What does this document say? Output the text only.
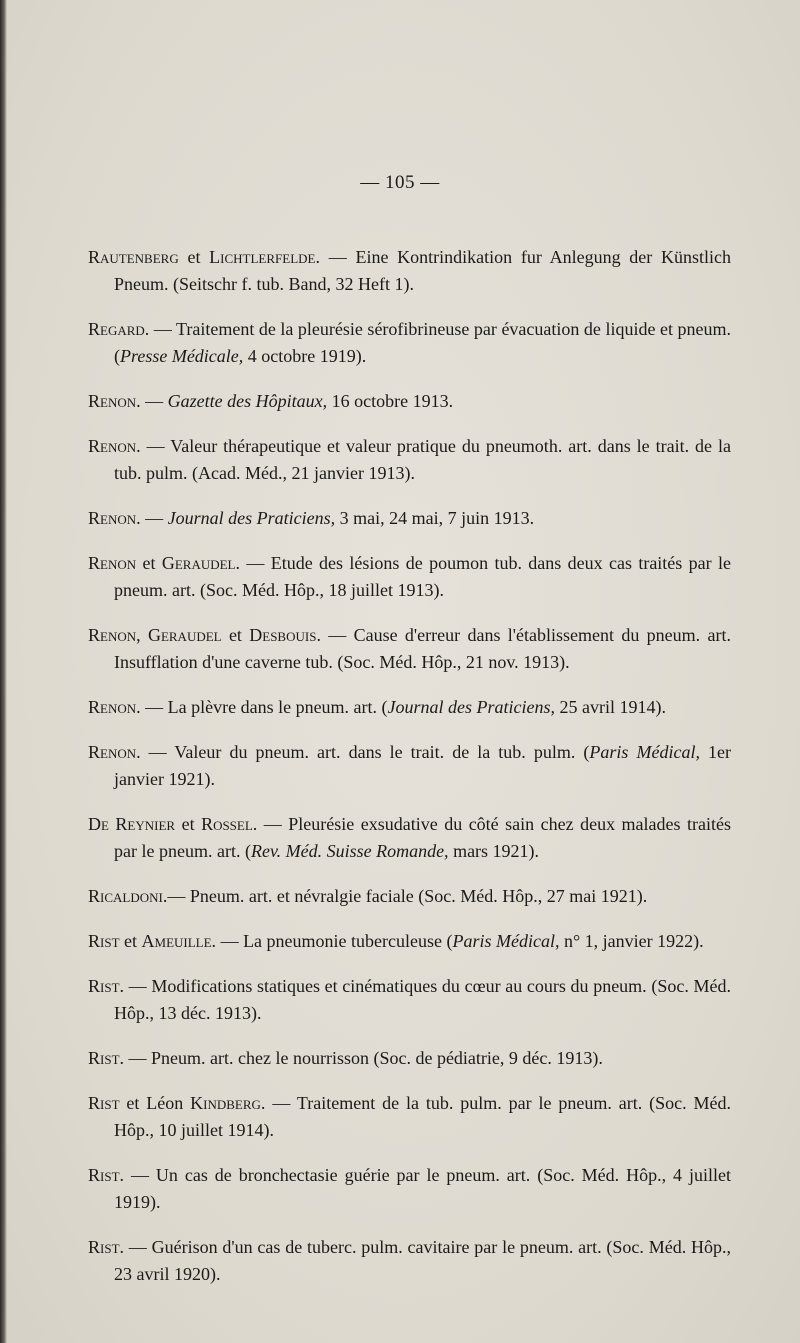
— 105 —

Rautenberg et Lichtlerfelde. — Eine Kontrindikation fur Anlegung der Künstlich Pneum. (Seitschr f. tub. Band, 32 Heft 1).

Regard. — Traitement de la pleurésie sérofibrineuse par évacuation de liquide et pneum. (Presse Médicale, 4 octobre 1919).

Renon. — Gazette des Hôpitaux, 16 octobre 1913.

Renon. — Valeur thérapeutique et valeur pratique du pneumoth. art. dans le trait. de la tub. pulm. (Acad. Méd., 21 janvier 1913).

Renon. — Journal des Praticiens, 3 mai, 24 mai, 7 juin 1913.

Renon et Geraudel. — Etude des lésions de poumon tub. dans deux cas traités par le pneum. art. (Soc. Méd. Hôp., 18 juillet 1913).

Renon, Geraudel et Desbouis. — Cause d'erreur dans l'établissement du pneum. art. Insufflation d'une caverne tub. (Soc. Méd. Hôp., 21 nov. 1913).

Renon. — La plèvre dans le pneum. art. (Journal des Praticiens, 25 avril 1914).

Renon. — Valeur du pneum. art. dans le trait. de la tub. pulm. (Paris Médical, 1er janvier 1921).

De Reynier et Rossel. — Pleurésie exsudative du côté sain chez deux malades traités par le pneum. art. (Rev. Méd. Suisse Romande, mars 1921).

Ricaldoni.— Pneum. art. et névralgie faciale (Soc. Méd. Hôp., 27 mai 1921).

Rist et Ameuille. — La pneumonie tuberculeuse (Paris Médical, n° 1, janvier 1922).

Rist. — Modifications statiques et cinématiques du cœur au cours du pneum. (Soc. Méd. Hôp., 13 déc. 1913).

Rist. — Pneum. art. chez le nourrisson (Soc. de pédiatrie, 9 déc. 1913).

Rist et Léon Kindberg. — Traitement de la tub. pulm. par le pneum. art. (Soc. Méd. Hôp., 10 juillet 1914).

Rist. — Un cas de bronchectasie guérie par le pneum. art. (Soc. Méd. Hôp., 4 juillet 1919).

Rist. — Guérison d'un cas de tuberc. pulm. cavitaire par le pneum. art. (Soc. Méd. Hôp., 23 avril 1920).
